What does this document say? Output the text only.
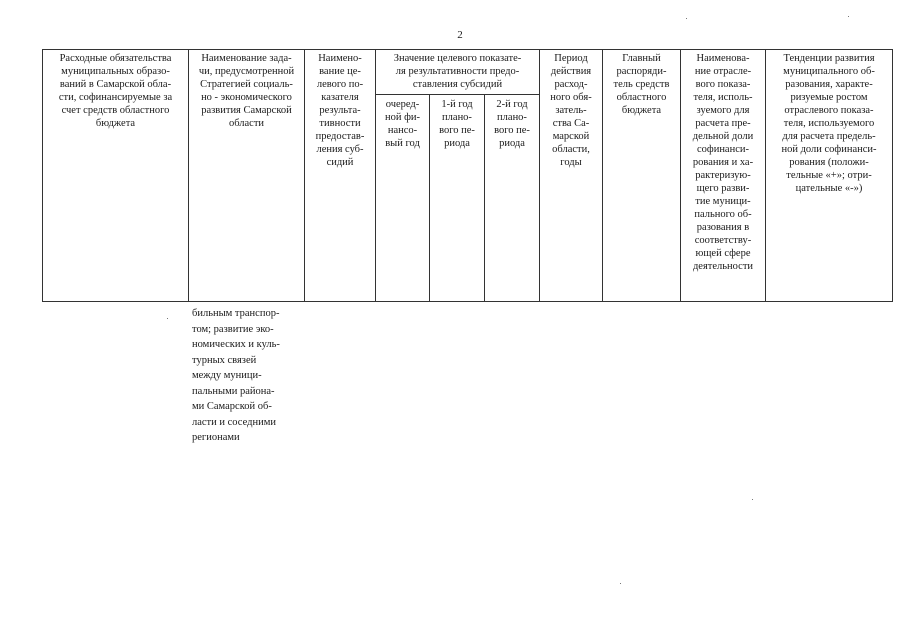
2
Расходные обязательства
муниципальных образо-
ваний в Самарской обла-
сти, софинансируемые за
счет средств областного
бюджета
Наименование зада-
чи, предусмотренной
Стратегией социаль-
но - экономического
развития Самарской
области
Наимено-
вание це-
левого по-
казателя
результа-
тивности
предостав-
ления суб-
сидий
Значение целевого показате-
ля результативности предо-
ставления субсидий
очеред-
ной фи-
нансо-
вый год
1-й год
плано-
вого пе-
риода
2-й год
плано-
вого пе-
риода
Период
действия
расход-
ного обя-
затель-
ства Са-
марской
области,
годы
Главный
распоряди-
тель средств
областного
бюджета
Наименова-
ние отрасле-
вого показа-
теля, исполь-
зуемого для
расчета пре-
дельной доли
софинанси-
рования и ха-
рактеризую-
щего разви-
тие муници-
пального об-
разования в
соответству-
ющей сфере
деятельности
Тенденции развития
муниципального об-
разования, характе-
ризуемые ростом
отраслевого показа-
теля, используемого
для расчета предель-
ной доли софинанси-
рования (положи-
тельные «+»; отри-
цательные «-»)
бильным транспор-
том; развитие эко-
номических и куль-
турных связей
между муници-
пальными района-
ми Самарской об-
ласти и соседними
регионами
